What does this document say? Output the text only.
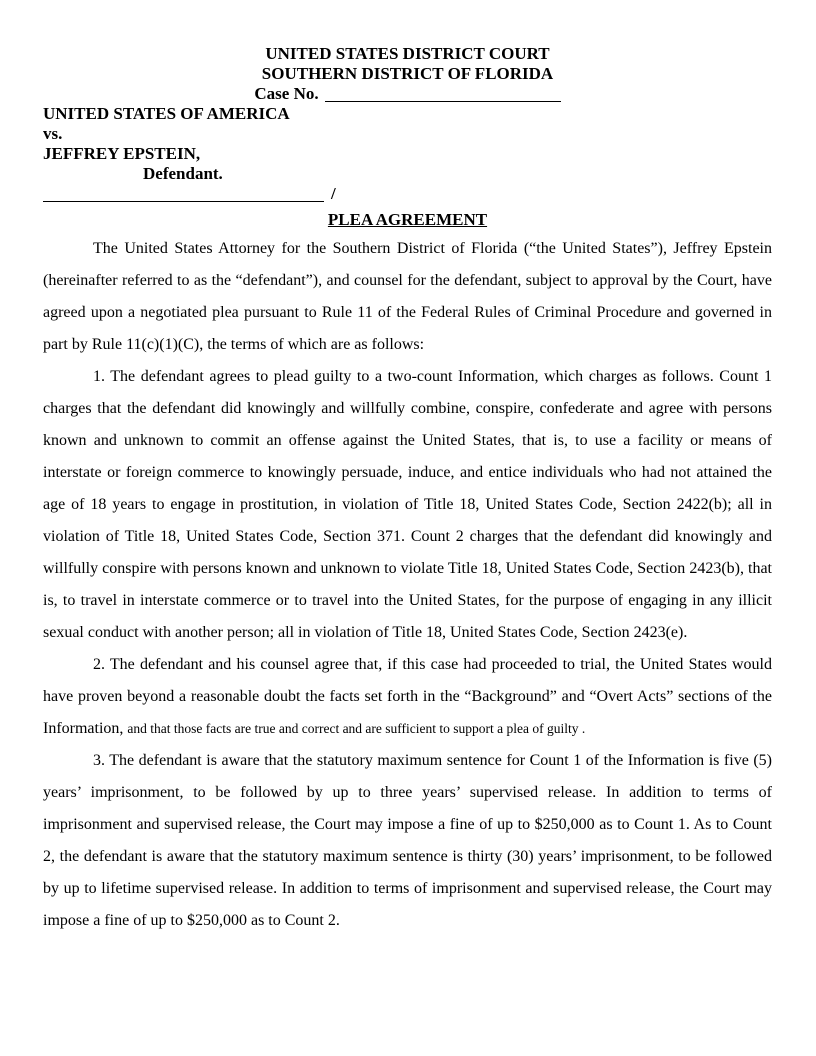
UNITED STATES DISTRICT COURT
SOUTHERN DISTRICT OF FLORIDA
Case No.
UNITED STATES OF AMERICA
vs.
JEFFREY EPSTEIN,
Defendant.
/
PLEA AGREEMENT

The United States Attorney for the Southern District of Florida (“the United States”), Jeffrey Epstein (hereinafter referred to as the “defendant”), and counsel for the defendant, subject to approval by the Court, have agreed upon a negotiated plea pursuant to Rule 11 of the Federal Rules of Criminal Procedure and governed in part by Rule 11(c)(1)(C), the terms of which are as follows:

1. The defendant agrees to plead guilty to a two-count Information, which charges as follows. Count 1 charges that the defendant did knowingly and willfully combine, conspire, confederate and agree with persons known and unknown to commit an offense against the United States, that is, to use a facility or means of interstate or foreign commerce to knowingly persuade, induce, and entice individuals who had not attained the age of 18 years to engage in prostitution, in violation of Title 18, United States Code, Section 2422(b); all in violation of Title 18, United States Code, Section 371. Count 2 charges that the defendant did knowingly and willfully conspire with persons known and unknown to violate Title 18, United States Code, Section 2423(b), that is, to travel in interstate commerce or to travel into the United States, for the purpose of engaging in any illicit sexual conduct with another person; all in violation of Title 18, United States Code, Section 2423(e).

2. The defendant and his counsel agree that, if this case had proceeded to trial, the United States would have proven beyond a reasonable doubt the facts set forth in the “Background” and “Overt Acts” sections of the Information, and that those facts are true and correct and are sufficient to support a plea of guilty .

3. The defendant is aware that the statutory maximum sentence for Count 1 of the Information is five (5) years’ imprisonment, to be followed by up to three years’ supervised release. In addition to terms of imprisonment and supervised release, the Court may impose a fine of up to $250,000 as to Count 1. As to Count 2, the defendant is aware that the statutory maximum sentence is thirty (30) years’ imprisonment, to be followed by up to lifetime supervised release. In addition to terms of imprisonment and supervised release, the Court may impose a fine of up to $250,000 as to Count 2.
